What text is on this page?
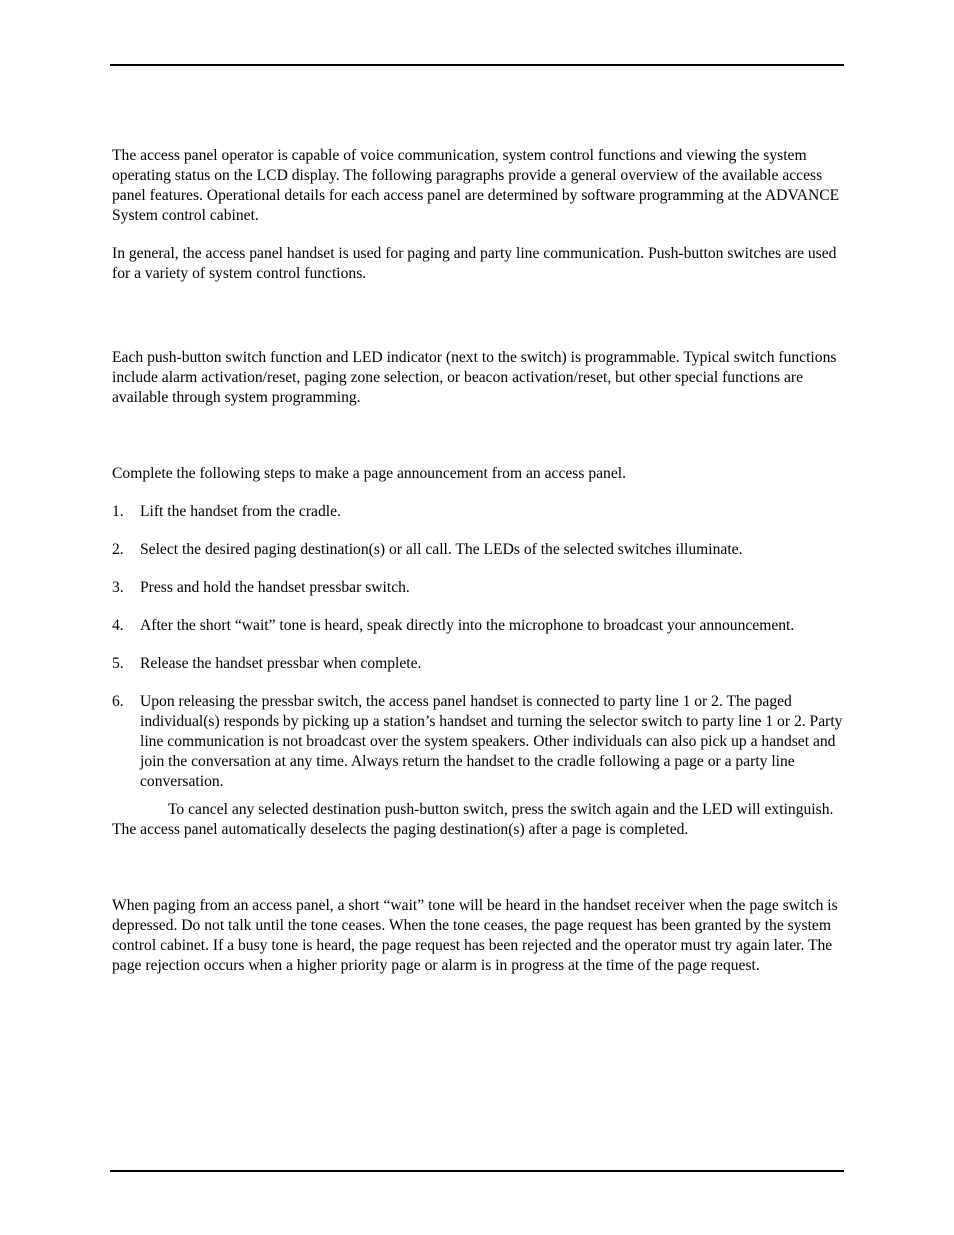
The access panel operator is capable of voice communication, system control functions and viewing the system operating status on the LCD display. The following paragraphs provide a general overview of the available access panel features. Operational details for each access panel are determined by software programming at the ADVANCE System control cabinet.

In general, the access panel handset is used for paging and party line communication. Push-button switches are used for a variety of system control functions.

Each push-button switch function and LED indicator (next to the switch) is programmable. Typical switch functions include alarm activation/reset, paging zone selection, or beacon activation/reset, but other special functions are available through system programming.

Complete the following steps to make a page announcement from an access panel.

1. Lift the handset from the cradle.
2. Select the desired paging destination(s) or all call. The LEDs of the selected switches illuminate.
3. Press and hold the handset pressbar switch.
4. After the short “wait” tone is heard, speak directly into the microphone to broadcast your announcement.
5. Release the handset pressbar when complete.
6. Upon releasing the pressbar switch, the access panel handset is connected to party line 1 or 2. The paged individual(s) responds by picking up a station’s handset and turning the selector switch to party line 1 or 2. Party line communication is not broadcast over the system speakers. Other individuals can also pick up a handset and join the conversation at any time. Always return the handset to the cradle following a page or a party line conversation.

To cancel any selected destination push-button switch, press the switch again and the LED will extinguish. The access panel automatically deselects the paging destination(s) after a page is completed.

When paging from an access panel, a short “wait” tone will be heard in the handset receiver when the page switch is depressed. Do not talk until the tone ceases. When the tone ceases, the page request has been granted by the system control cabinet. If a busy tone is heard, the page request has been rejected and the operator must try again later. The page rejection occurs when a higher priority page or alarm is in progress at the time of the page request.
